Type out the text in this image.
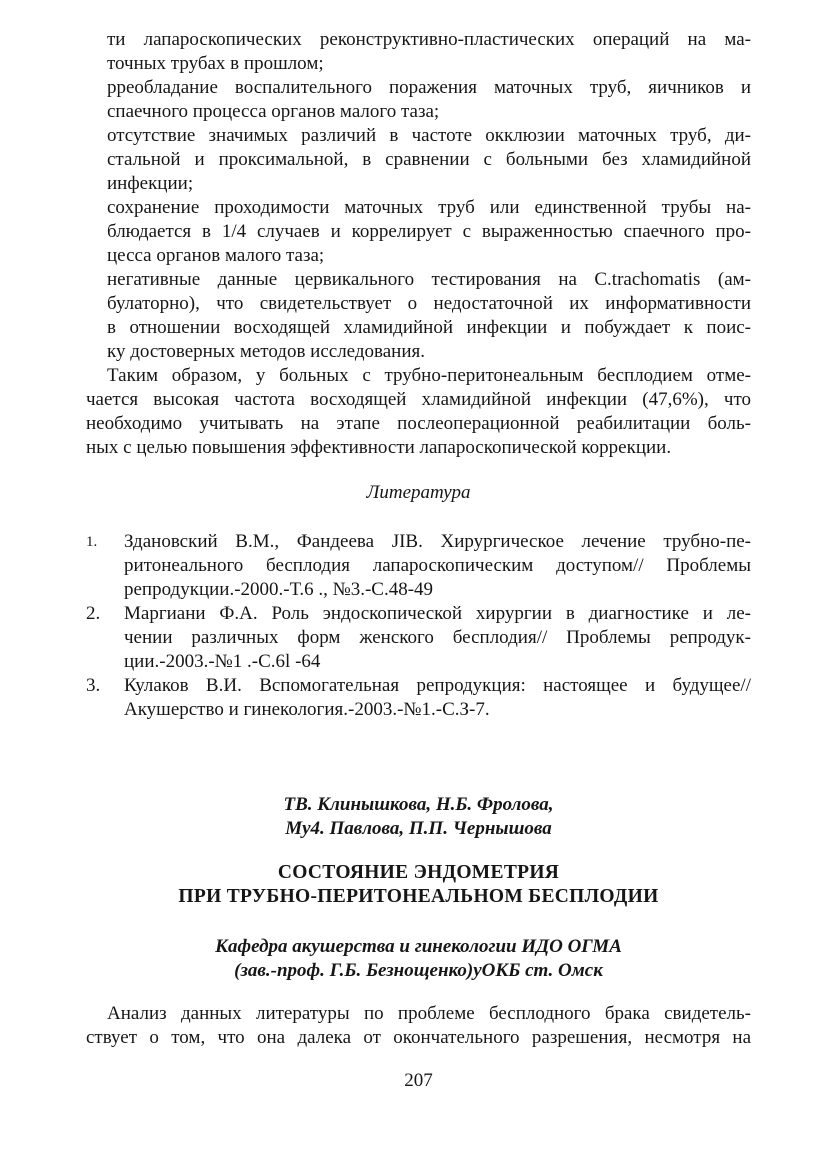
ти лапароскопических реконструктивно-пластических операций на ма-

точных трубах в прошлом;

рреобладание воспалительного поражения маточных труб, яичников и

спаечного процесса органов малого таза;

отсутствие значимых различий в частоте окклюзии маточных труб, ди-

стальной и проксимальной, в сравнении с больными без хламидийной

инфекции;

сохранение проходимости маточных труб или единственной трубы на-

блюдается в 1/4 случаев и коррелирует с выраженностью спаечного про-

цесса органов малого таза;

негативные данные цервикального тестирования на C.trachomatis (ам-

булаторно), что свидетельствует о недостаточной их информативности

в отношении восходящей хламидийной инфекции и побуждает к поис-

ку достоверных методов исследования.

Таким образом, у больных с трубно-перитонеальным бесплодием отме-

чается высокая частота восходящей хламидийной инфекции (47,6%), что

необходимо учитывать на этапе послеоперационной реабилитации боль-

ных с целью повышения эффективности лапароскопической коррекции.

Литература

1. Здановский В.М., Фандеева JIB. Хирургическое лечение трубно-пе-

ритонеального бесплодия лапароскопическим доступом// Проблемы

репродукции.-2000.-Т.6 ., №3.-С.48-49

2. Маргиани Ф.А. Роль эндоскопической хирургии в диагностике и ле-

чении различных форм женского бесплодия// Проблемы репродук-

ции.-2003.-№1 .-С.6l -64

3. Кулаков В.И. Вспомогательная репродукция: настоящее и будущее//

Акушерство и гинекология.-2003.-№1.-С.З-7.

ТВ. Клинышкова, Н.Б. Фролова,

Му4. Павлова, П.П. Чернышова

СОСТОЯНИЕ ЭНДОМЕТРИЯ

ПРИ ТРУБНО-ПЕРИТОНЕАЛЬНОМ БЕСПЛОДИИ

Кафедра акушерства и гинекологии ИДО ОГМА

(зав.-проф. Г.Б. Безнощенко)уОКБ ст. Омск

Анализ данных литературы по проблеме бесплодного брака свидетель-

ствует о том, что она далека от окончательного разрешения, несмотря на

207
